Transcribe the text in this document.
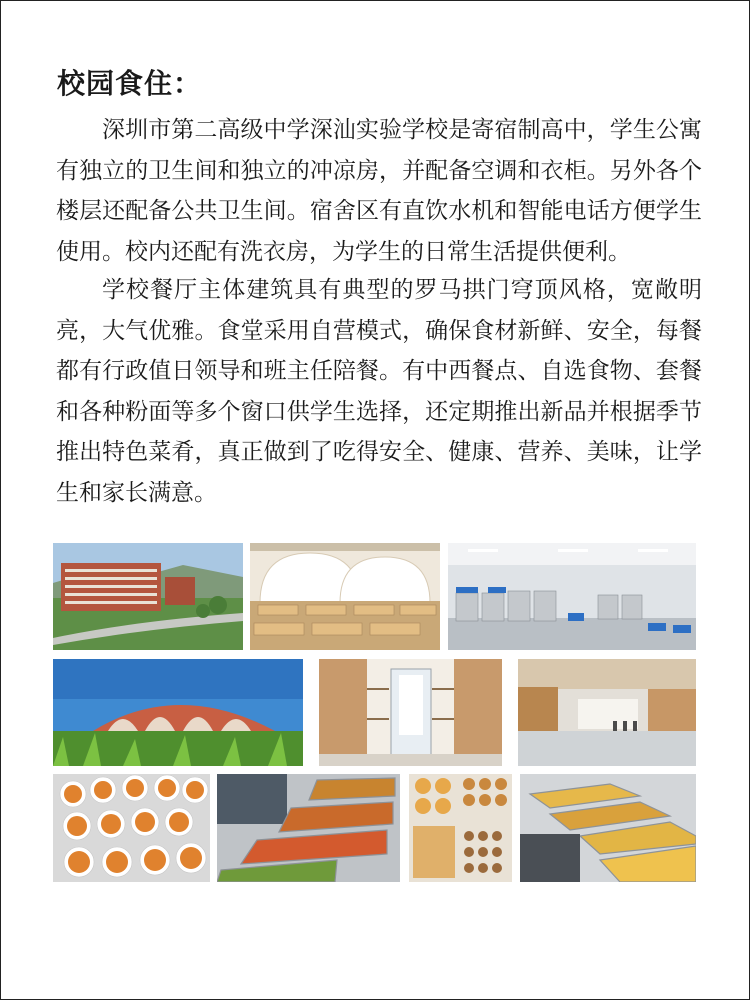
校园食住：
深圳市第二高级中学深汕实验学校是寄宿制高中，学生公寓有独立的卫生间和独立的冲凉房，并配备空调和衣柜。另外各个楼层还配备公共卫生间。宿舍区有直饮水机和智能电话方便学生使用。校内还配有洗衣房，为学生的日常生活提供便利。
学校餐厅主体建筑具有典型的罗马拱门穹顶风格，宽敞明亮，大气优雅。食堂采用自营模式，确保食材新鲜、安全，每餐都有行政值日领导和班主任陪餐。有中西餐点、自选食物、套餐和各种粉面等多个窗口供学生选择，还定期推出新品并根据季节推出特色菜肴，真正做到了吃得安全、健康、营养、美味，让学生和家长满意。
